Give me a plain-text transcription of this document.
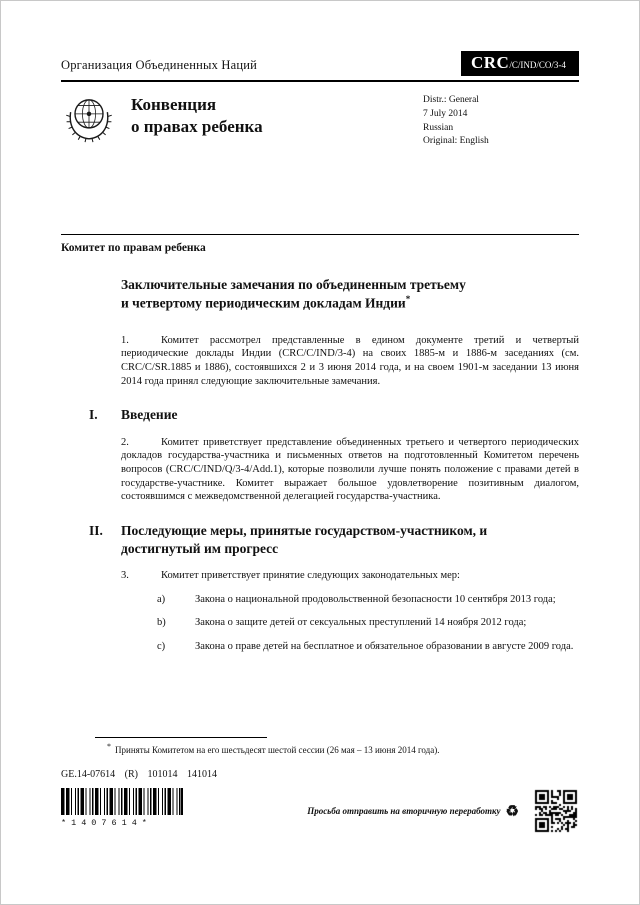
Организация Объединенных Наций	CRC /C/IND/CO/3-4
Конвенция
о правах ребенка
Distr.: General
7 July 2014
Russian
Original: English
Комитет по правам ребенка
Заключительные замечания по объединенным третьему и четвертому периодическим докладам Индии*

1.	Комитет рассмотрел представленные в едином документе третий и четвертый периодические доклады Индии (CRC/C/IND/3-4) на своих 1885-м и 1886-м заседаниях (см. CRC/C/SR.1885 и 1886), состоявшихся 2 и 3 июня 2014 года, и на своем 1901-м заседании 13 июня 2014 года принял следующие заключительные замечания.

I.	Введение

2.	Комитет приветствует представление объединенных третьего и четвертого периодических докладов государства-участника и письменных ответов на подготовленный Комитетом перечень вопросов (CRC/C/IND/Q/3-4/Add.1), которые позволили лучше понять положение с правами детей в государстве-участнике. Комитет выражает большое удовлетворение позитивным диалогом, состоявшимся с межведомственной делегацией государства-участника.

II.	Последующие меры, принятые государством-участником, и достигнутый им прогресс

3.	Комитет приветствует принятие следующих законодательных мер:

a)	Закона о национальной продовольственной безопасности 10 сентября 2013 года;

b)	Закона о защите детей от сексуальных преступлений 14 ноября 2012 года;

c)	Закона о праве детей на бесплатное и обязательное образовании в августе 2009 года.

* Приняты Комитетом на его шестьдесят шестой сессии (26 мая – 13 июня 2014 года).
GE.14-07614 (R) 101014 141014
*1407614*
Просьба отправить на вторичную переработку ♻
